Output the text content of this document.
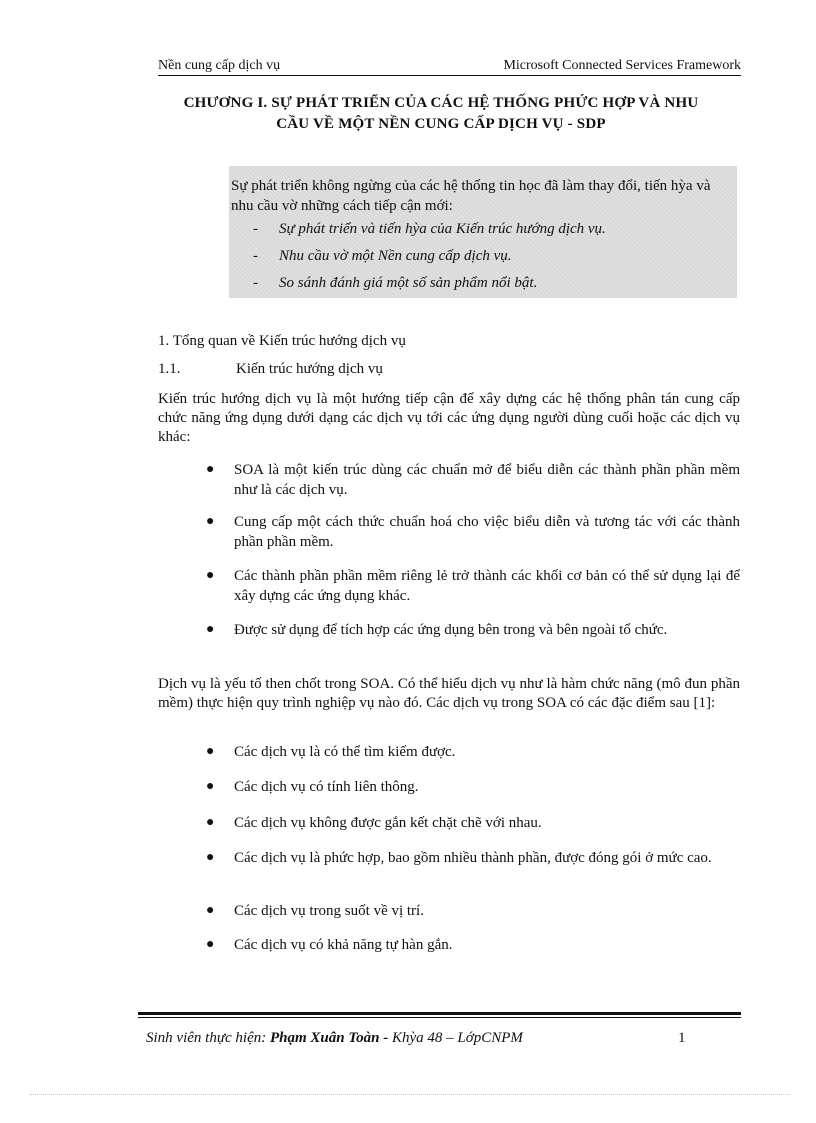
Nền cung cấp dịch vụ	Microsoft Connected Services Framework
CHƯƠNG I. SỰ PHÁT TRIỂN CỦA CÁC HỆ THỐNG PHỨC HỢP VÀ NHU
CẦU VỀ MỘT NỀN CUNG CẤP DỊCH VỤ - SDP
Sự phát triển không ngừng của các hệ thống tin học đã làm thay đổi, tiến hỳa và nhu cầu vờ những cách tiếp cận mới:
- Sự phát triển và tiến hỳa của Kiến trúc hướng dịch vụ.
- Nhu cầu vờ một Nền cung cấp dịch vụ.
- So sánh đánh giá một số sản phẩm nổi bật.
1. Tổng quan về Kiến trúc hướng dịch vụ
1.1.	Kiến trúc hướng dịch vụ
Kiến trúc hướng dịch vụ là một hướng tiếp cận để xây dựng các hệ thống phân tán cung cấp chức năng ứng dụng dưới dạng các dịch vụ tới các ứng dụng người dùng cuối hoặc các dịch vụ khác:
● SOA là một kiến trúc dùng các chuẩn mở để biểu diễn các thành phần phần mềm như là các dịch vụ.
● Cung cấp một cách thức chuẩn hoá cho việc biểu diễn và tương tác với các thành phần phần mềm.
● Các thành phần phần mềm riêng lẻ trở thành các khối cơ bản có thể sử dụng lại để xây dựng các ứng dụng khác.
● Được sử dụng để tích hợp các ứng dụng bên trong và bên ngoài tổ chức.
Dịch vụ là yếu tố then chốt trong SOA. Có thể hiểu dịch vụ như là hàm chức năng (mô đun phần mềm) thực hiện quy trình nghiệp vụ nào đó. Các dịch vụ trong SOA có các đặc điểm sau [1]:
● Các dịch vụ là có thể tìm kiếm được.
● Các dịch vụ có tính liên thông.
● Các dịch vụ không được gắn kết chặt chẽ với nhau.
● Các dịch vụ là phức hợp, bao gồm nhiều thành phần, được đóng gói ở mức cao.
● Các dịch vụ trong suốt về vị trí.
● Các dịch vụ có khả năng tự hàn gắn.
Sinh viên thực hiện: Phạm Xuân Toàn - Khỳa 48 – LớpCNPM	1
